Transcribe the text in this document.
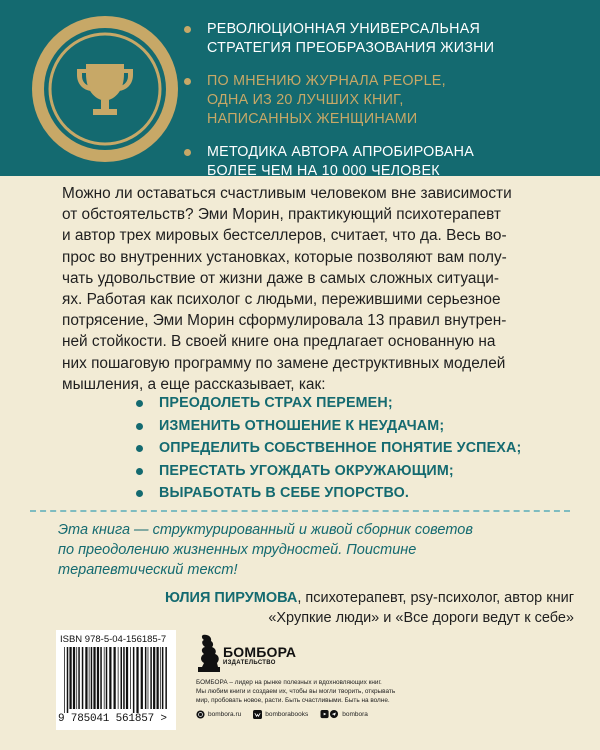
РЕВОЛЮЦИОННАЯ УНИВЕРСАЛЬНАЯ
СТРАТЕГИЯ ПРЕОБРАЗОВАНИЯ ЖИЗНИ
ПО МНЕНИЮ ЖУРНАЛА PEOPLE,
ОДНА ИЗ 20 ЛУЧШИХ КНИГ,
НАПИСАННЫХ ЖЕНЩИНАМИ
МЕТОДИКА АВТОРА АПРОБИРОВАНА
БОЛЕЕ ЧЕМ НА 10 000 ЧЕЛОВЕК
Можно ли оставаться счастливым человеком вне зависимости
от обстоятельств? Эми Морин, практикующий психотерапевт
и автор трех мировых бестселлеров, считает, что да. Весь во-
прос во внутренних установках, которые позволяют вам полу-
чать удовольствие от жизни даже в самых сложных ситуаци-
ях. Работая как психолог с людьми, пережившими серьезное
потрясение, Эми Морин сформулировала 13 правил внутрен-
ней стойкости. В своей книге она предлагает основанную на
них пошаговую программу по замене деструктивных моделей
мышления, а еще рассказывает, как:
ПРЕОДОЛЕТЬ СТРАХ ПЕРЕМЕН;
ИЗМЕНИТЬ ОТНОШЕНИЕ К НЕУДАЧАМ;
ОПРЕДЕЛИТЬ СОБСТВЕННОЕ ПОНЯТИЕ УСПЕХА;
ПЕРЕСТАТЬ УГОЖДАТЬ ОКРУЖАЮЩИМ;
ВЫРАБОТАТЬ В СЕБЕ УПОРСТВО.
Эта книга — структурированный и живой сборник советов
по преодолению жизненных трудностей. Поистине
терапевтический текст!
ЮЛИЯ ПИРУМОВА, психотерапевт, psy-психолог, автор книг
«Хрупкие люди» и «Все дороги ведут к себе»
ISBN 978-5-04-156185-7
9 785041 561857 >
БОМБОРА
ИЗДАТЕЛЬСТВО
БОМБОРА – лидер на рынке полезных и вдохновляющих книг.
Мы любим книги и создаем их, чтобы вы могли творить, открывать
мир, пробовать новое, расти. Быть счастливыми. Быть на волне.
bombora.ru	bomborabooks	bombora
